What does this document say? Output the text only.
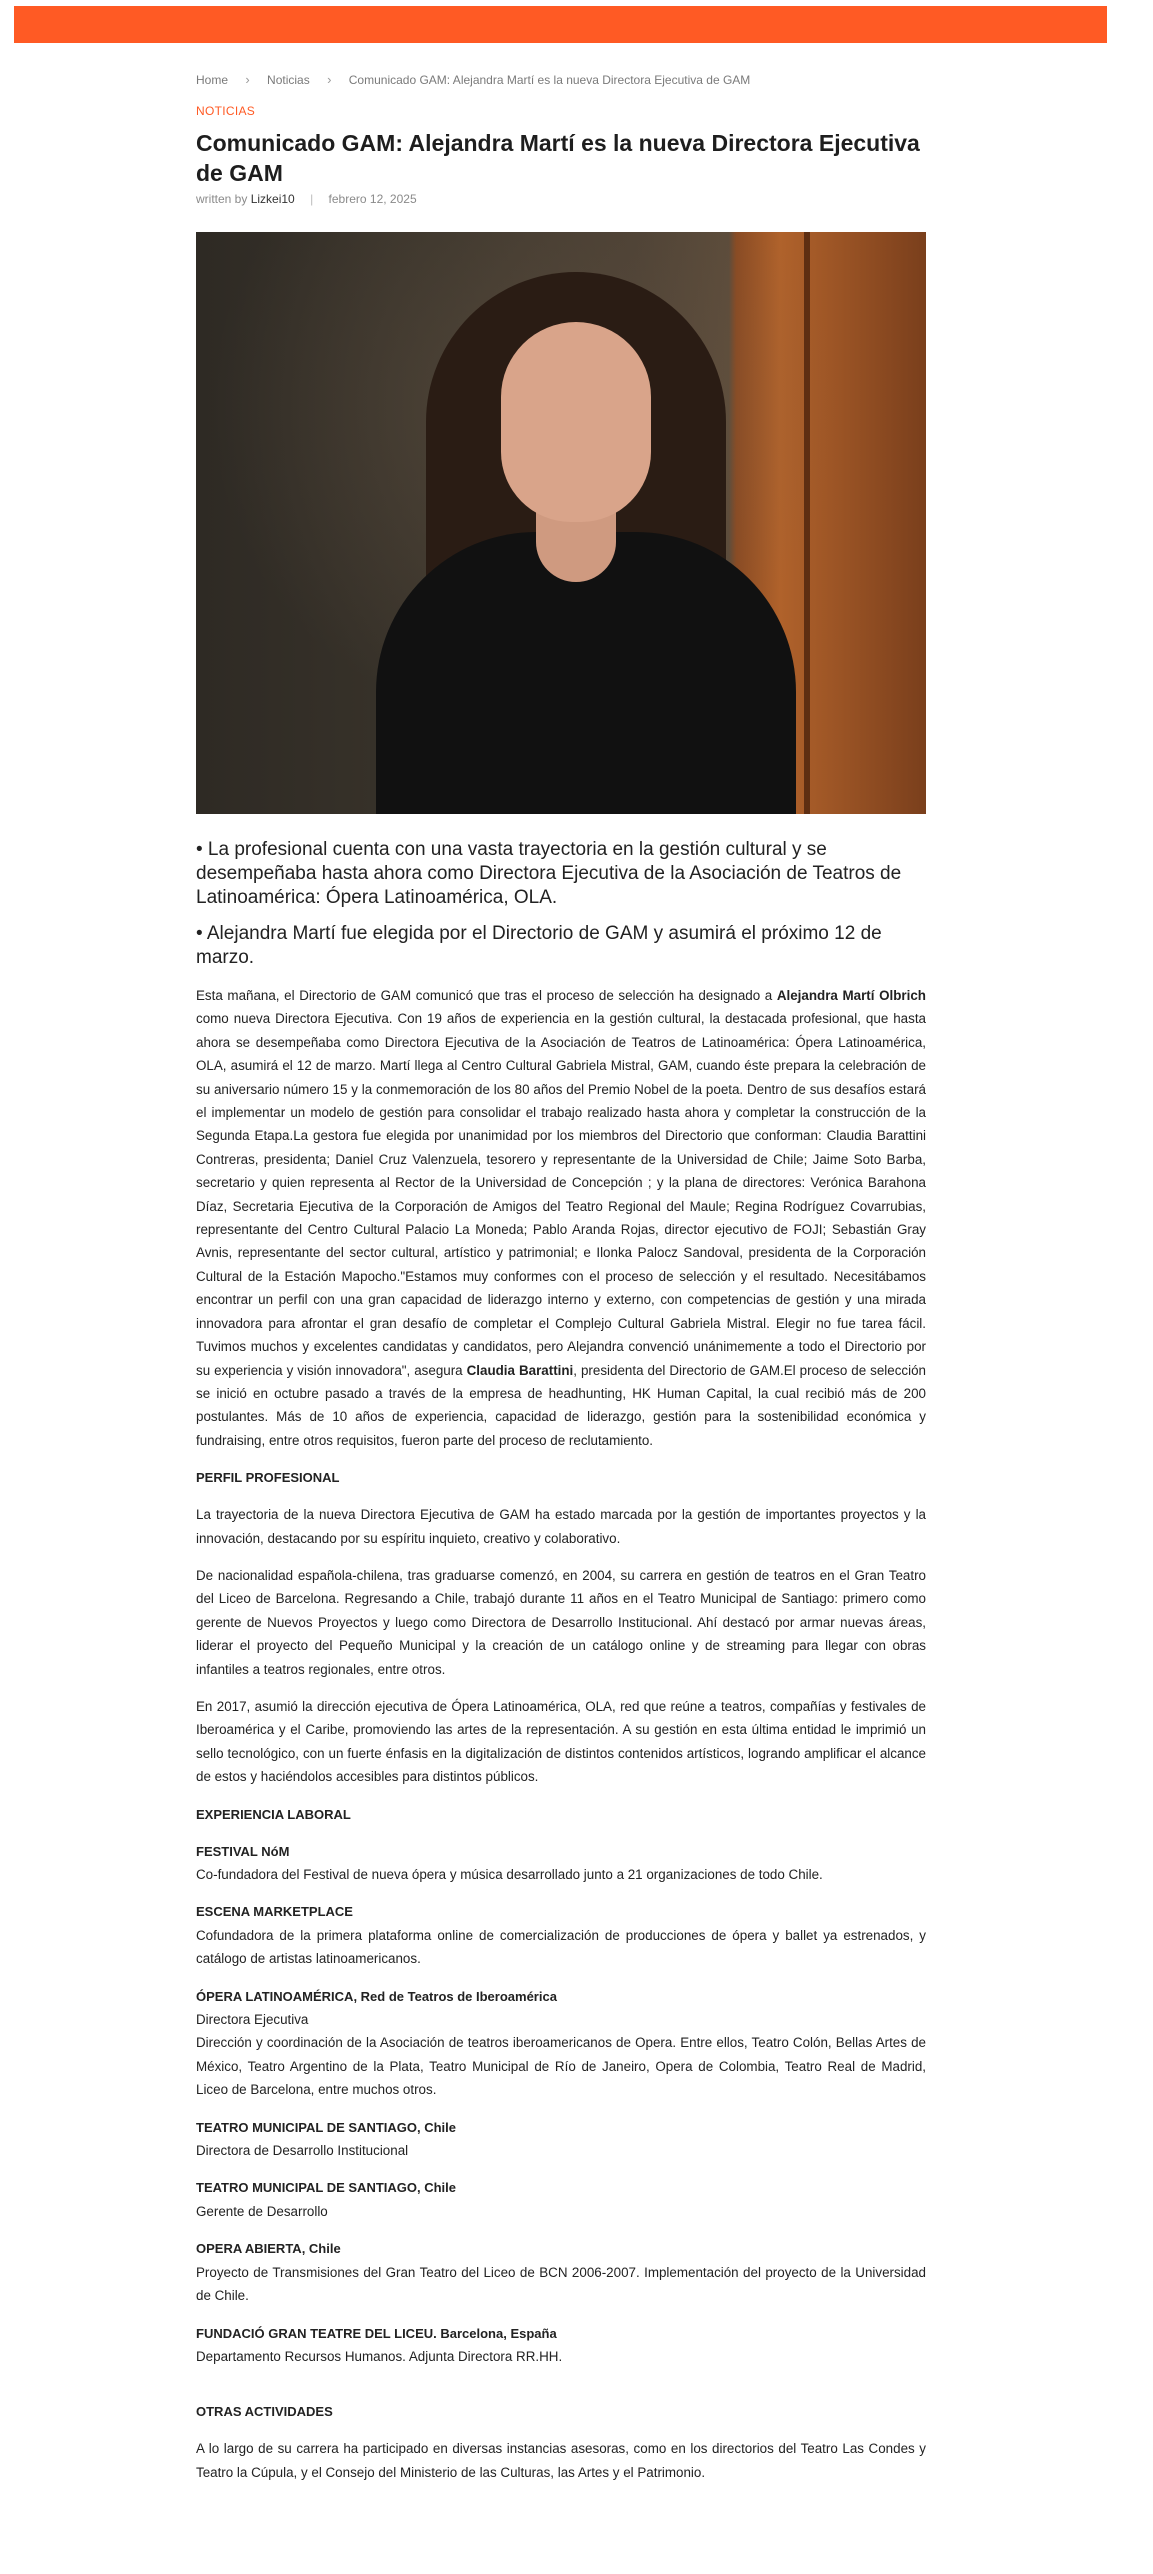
Home › Noticias › Comunicado GAM: Alejandra Martí es la nueva Directora Ejecutiva de GAM
NOTICIAS
Comunicado GAM: Alejandra Martí es la nueva Directora Ejecutiva de GAM
written by Lizkei10 | febrero 12, 2025

• La profesional cuenta con una vasta trayectoria en la gestión cultural y se desempeñaba hasta ahora como Directora Ejecutiva de la Asociación de Teatros de Latinoamérica: Ópera Latinoamérica, OLA.

• Alejandra Martí fue elegida por el Directorio de GAM y asumirá el próximo 12 de marzo.

Esta mañana, el Directorio de GAM comunicó que tras el proceso de selección ha designado a Alejandra Martí Olbrich como nueva Directora Ejecutiva. Con 19 años de experiencia en la gestión cultural, la destacada profesional, que hasta ahora se desempeñaba como Directora Ejecutiva de la Asociación de Teatros de Latinoamérica: Ópera Latinoamérica, OLA, asumirá el 12 de marzo. Martí llega al Centro Cultural Gabriela Mistral, GAM, cuando éste prepara la celebración de su aniversario número 15 y la conmemoración de los 80 años del Premio Nobel de la poeta. Dentro de sus desafíos estará el implementar un modelo de gestión para consolidar el trabajo realizado hasta ahora y completar la construcción de la Segunda Etapa.La gestora fue elegida por unanimidad por los miembros del Directorio que conforman: Claudia Barattini Contreras, presidenta; Daniel Cruz Valenzuela, tesorero y representante de la Universidad de Chile; Jaime Soto Barba, secretario y quien representa al Rector de la Universidad de Concepción ; y la plana de directores: Verónica Barahona Díaz, Secretaria Ejecutiva de la Corporación de Amigos del Teatro Regional del Maule; Regina Rodríguez Covarrubias, representante del Centro Cultural Palacio La Moneda; Pablo Aranda Rojas, director ejecutivo de FOJI; Sebastián Gray Avnis, representante del sector cultural, artístico y patrimonial; e Ilonka Palocz Sandoval, presidenta de la Corporación Cultural de la Estación Mapocho."Estamos muy conformes con el proceso de selección y el resultado. Necesitábamos encontrar un perfil con una gran capacidad de liderazgo interno y externo, con competencias de gestión y una mirada innovadora para afrontar el gran desafío de completar el Complejo Cultural Gabriela Mistral. Elegir no fue tarea fácil. Tuvimos muchos y excelentes candidatas y candidatos, pero Alejandra convenció unánimemente a todo el Directorio por su experiencia y visión innovadora", asegura Claudia Barattini, presidenta del Directorio de GAM.El proceso de selección se inició en octubre pasado a través de la empresa de headhunting, HK Human Capital, la cual recibió más de 200 postulantes. Más de 10 años de experiencia, capacidad de liderazgo, gestión para la sostenibilidad económica y fundraising, entre otros requisitos, fueron parte del proceso de reclutamiento.

PERFIL PROFESIONAL

La trayectoria de la nueva Directora Ejecutiva de GAM ha estado marcada por la gestión de importantes proyectos y la innovación, destacando por su espíritu inquieto, creativo y colaborativo.

De nacionalidad española-chilena, tras graduarse comenzó, en 2004, su carrera en gestión de teatros en el Gran Teatro del Liceo de Barcelona. Regresando a Chile, trabajó durante 11 años en el Teatro Municipal de Santiago: primero como gerente de Nuevos Proyectos y luego como Directora de Desarrollo Institucional. Ahí destacó por armar nuevas áreas, liderar el proyecto del Pequeño Municipal y la creación de un catálogo online y de streaming para llegar con obras infantiles a teatros regionales, entre otros.

En 2017, asumió la dirección ejecutiva de Ópera Latinoamérica, OLA, red que reúne a teatros, compañías y festivales de Iberoamérica y el Caribe, promoviendo las artes de la representación. A su gestión en esta última entidad le imprimió un sello tecnológico, con un fuerte énfasis en la digitalización de distintos contenidos artísticos, logrando amplificar el alcance de estos y haciéndolos accesibles para distintos públicos.

EXPERIENCIA LABORAL
FESTIVAL NóM
Co-fundadora del Festival de nueva ópera y música desarrollado junto a 21 organizaciones de todo Chile.
ESCENA MARKETPLACE
Cofundadora de la primera plataforma online de comercialización de producciones de ópera y ballet ya estrenados, y catálogo de artistas latinoamericanos.
ÓPERA LATINOAMÉRICA, Red de Teatros de Iberoamérica
Directora Ejecutiva
Dirección y coordinación de la Asociación de teatros iberoamericanos de Opera. Entre ellos, Teatro Colón, Bellas Artes de México, Teatro Argentino de la Plata, Teatro Municipal de Río de Janeiro, Opera de Colombia, Teatro Real de Madrid, Liceo de Barcelona, entre muchos otros.
TEATRO MUNICIPAL DE SANTIAGO, Chile
Directora de Desarrollo Institucional
TEATRO MUNICIPAL DE SANTIAGO, Chile
Gerente de Desarrollo
OPERA ABIERTA, Chile
Proyecto de Transmisiones del Gran Teatro del Liceo de BCN 2006-2007. Implementación del proyecto de la Universidad de Chile.
FUNDACIÓ GRAN TEATRE DEL LICEU. Barcelona, España
Departamento Recursos Humanos. Adjunta Directora RR.HH.
OTRAS ACTIVIDADES

A lo largo de su carrera ha participado en diversas instancias asesoras, como en los directorios del Teatro Las Condes y Teatro la Cúpula, y el Consejo del Ministerio de las Culturas, las Artes y el Patrimonio.
